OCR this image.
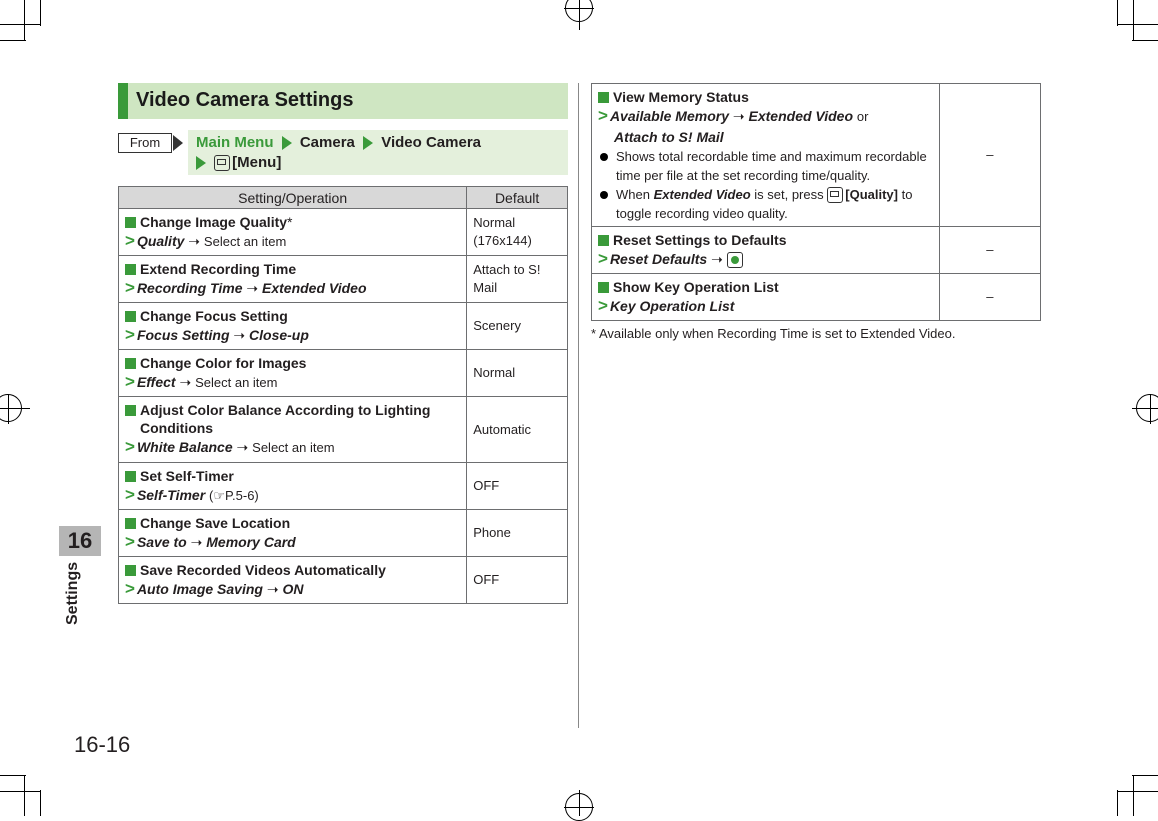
Video Camera Settings
From	Main Menu Camera Video Camera
[Menu]
Setting/Operation	Default

Change Image Quality*
> Quality ➝ Select an item	Normal (176x144)

Extend Recording Time
> Recording Time ➝ Extended Video	Attach to S! Mail

Change Focus Setting
> Focus Setting ➝ Close-up	Scenery

Change Color for Images
> Effect ➝ Select an item	Normal

Adjust Color Balance According to Lighting Conditions
> White Balance ➝ Select an item	Automatic

Set Self-Timer
> Self-Timer (☞P.5-6)	OFF

Change Save Location
> Save to ➝ Memory Card	Phone

Save Recorded Videos Automatically
> Auto Image Saving ➝ ON	OFF
View Memory Status
> Available Memory ➝ Extended Video or
Attach to S! Mail
Shows total recordable time and maximum recordable time per file at the set recording time/quality.
When Extended Video is set, press [Quality] to toggle recording video quality.	–

Reset Settings to Defaults
> Reset Defaults ➝	–

Show Key Operation List
> Key Operation List	–
* Available only when Recording Time is set to Extended Video.
16
Settings
16-16
